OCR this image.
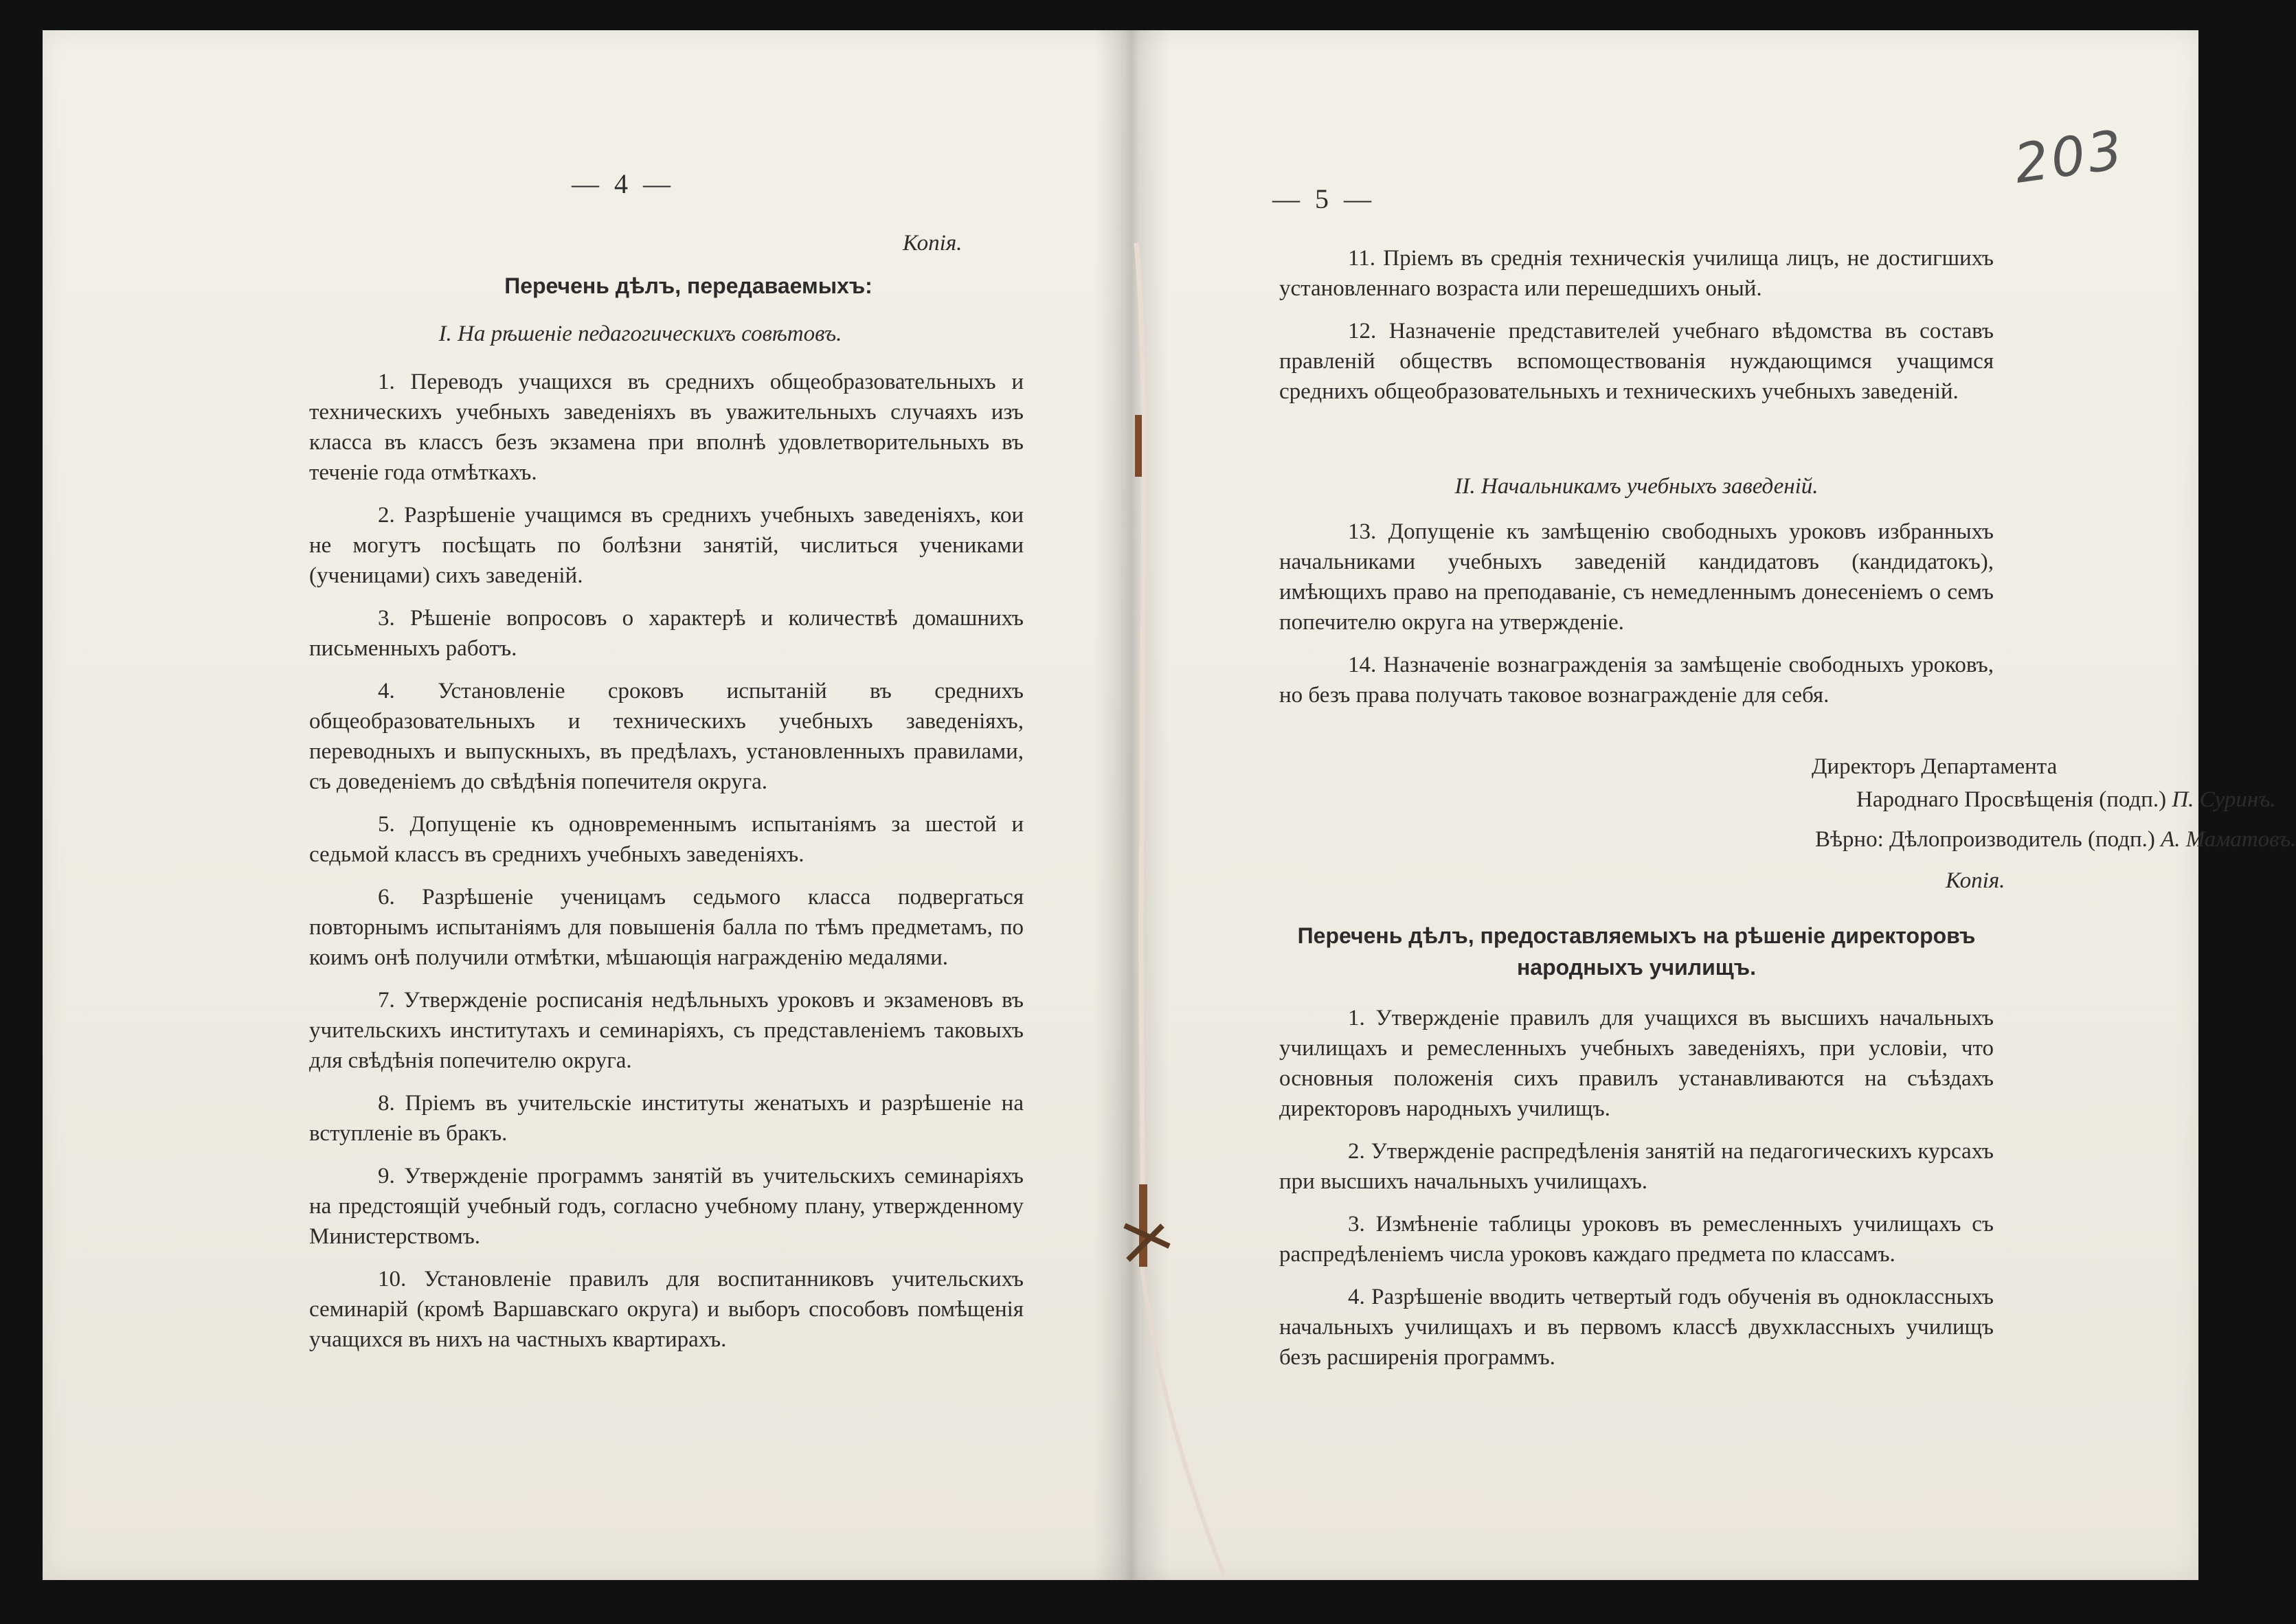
— 4 —
Копія.
Перечень дѣлъ, передаваемыхъ:
I. На рѣшеніе педагогическихъ совѣтовъ.

1. Переводъ учащихся въ среднихъ общеобразовательныхъ и техническихъ учебныхъ заведеніяхъ въ уважительныхъ случаяхъ изъ класса въ классъ безъ экзамена при вполнѣ удовлетворительныхъ въ теченіе года отмѣткахъ.

2. Разрѣшеніе учащимся въ среднихъ учебныхъ заведеніяхъ, кои не могутъ посѣщать по болѣзни занятій, числиться учениками (ученицами) сихъ заведеній.

3. Рѣшеніе вопросовъ о характерѣ и количествѣ домашнихъ письменныхъ работъ.

4. Установленіе сроковъ испытаній въ среднихъ общеобразовательныхъ и техническихъ учебныхъ заведеніяхъ, переводныхъ и выпускныхъ, въ предѣлахъ, установленныхъ правилами, съ доведеніемъ до свѣдѣнія попечителя округа.

5. Допущеніе къ одновременнымъ испытаніямъ за шестой и седьмой классъ въ среднихъ учебныхъ заведеніяхъ.

6. Разрѣшеніе ученицамъ седьмого класса подвергаться повторнымъ испытаніямъ для повышенія балла по тѣмъ предметамъ, по коимъ онѣ получили отмѣтки, мѣшающія награжденію медалями.

7. Утвержденіе росписанія недѣльныхъ уроковъ и экзаменовъ въ учительскихъ институтахъ и семинаріяхъ, съ представленіемъ таковыхъ для свѣдѣнія попечителю округа.

8. Пріемъ въ учительскіе институты женатыхъ и разрѣшеніе на вступленіе въ бракъ.

9. Утвержденіе программъ занятій въ учительскихъ семинаріяхъ на предстоящій учебный годъ, согласно учебному плану, утвержденному Министерствомъ.

10. Установленіе правилъ для воспитанниковъ учительскихъ семинарій (кромѣ Варшавскаго округа) и выборъ способовъ помѣщенія учащихся въ нихъ на частныхъ квартирахъ.

— 5 —
203

11. Пріемъ въ среднія техническія училища лицъ, не достигшихъ установленнаго возраста или перешедшихъ оный.

12. Назначеніе представителей учебнаго вѣдомства въ составъ правленій обществъ вспомоществованія нуждающимся учащимся среднихъ общеобразовательныхъ и техническихъ учебныхъ заведеній.

II. Начальникамъ учебныхъ заведеній.

13. Допущеніе къ замѣщенію свободныхъ уроковъ избранныхъ начальниками учебныхъ заведеній кандидатовъ (кандидатокъ), имѣющихъ право на преподаваніе, съ немедленнымъ донесеніемъ о семъ попечителю округа на утвержденіе.

14. Назначеніе вознагражденія за замѣщеніе свободныхъ уроковъ, но безъ права получать таковое вознагражденіе для себя.

Директоръ Департамента
Народнаго Просвѣщенія (подп.) П. Суринъ.
Вѣрно: Дѣлопроизводитель (подп.) А. Маматовъ.
Копія.
Перечень дѣлъ, предоставляемыхъ на рѣшеніе директоровъ
народныхъ училищъ.

1. Утвержденіе правилъ для учащихся въ высшихъ начальныхъ училищахъ и ремесленныхъ учебныхъ заведеніяхъ, при условіи, что основныя положенія сихъ правилъ устанавливаются на съѣздахъ директоровъ народныхъ училищъ.

2. Утвержденіе распредѣленія занятій на педагогическихъ курсахъ при высшихъ начальныхъ училищахъ.

3. Измѣненіе таблицы уроковъ въ ремесленныхъ училищахъ съ распредѣленіемъ числа уроковъ каждаго предмета по классамъ.

4. Разрѣшеніе вводить четвертый годъ обученія въ одноклассныхъ начальныхъ училищахъ и въ первомъ классѣ двухклассныхъ училищъ безъ расширенія программъ.
